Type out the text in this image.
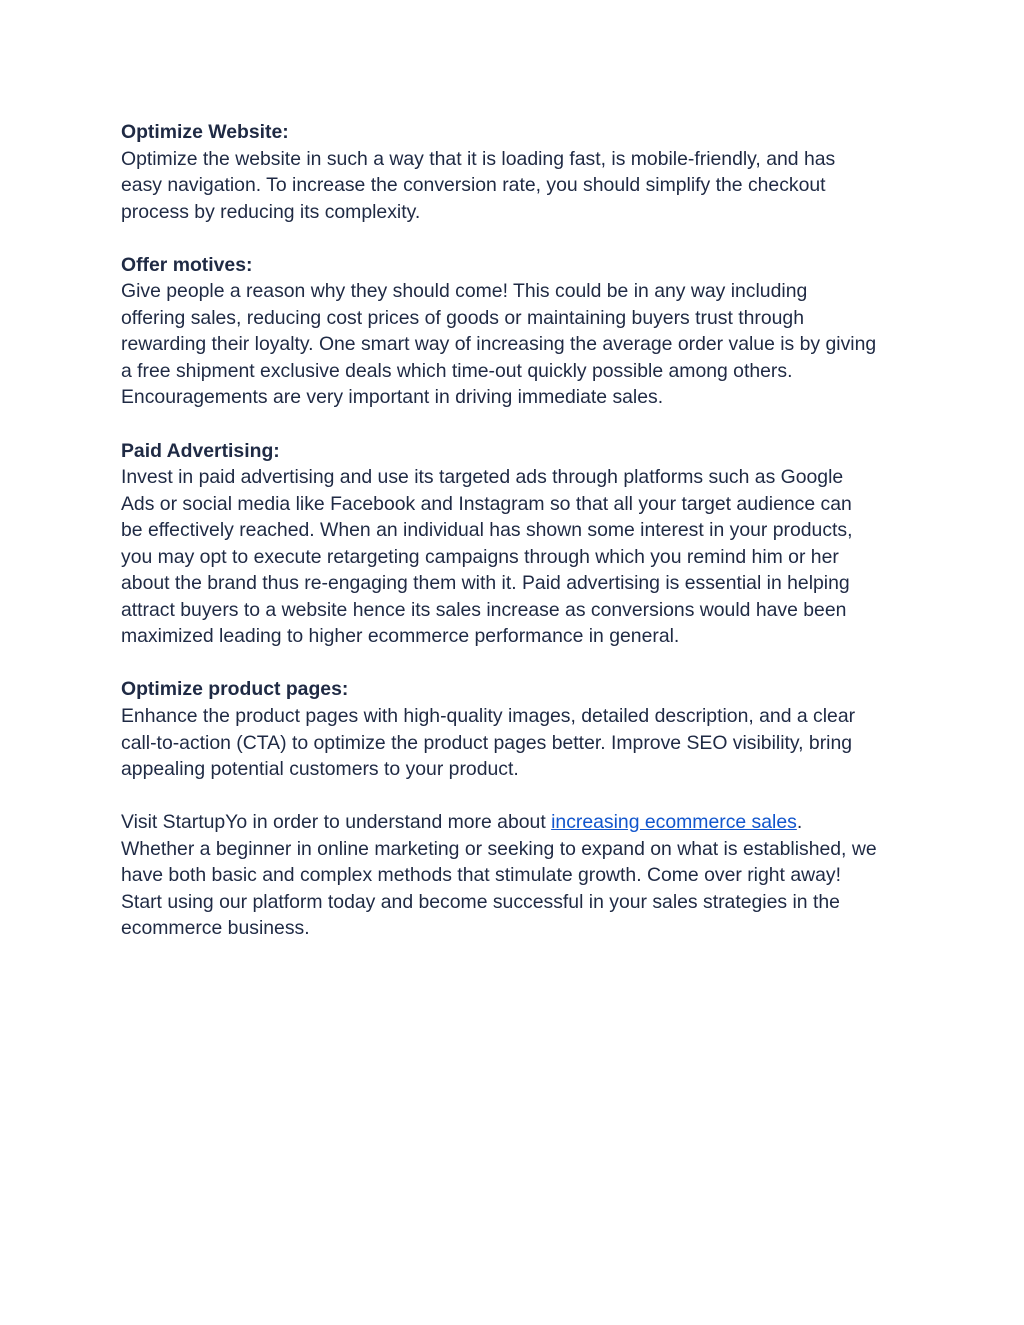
Optimize Website:
Optimize the website in such a way that it is loading fast, is mobile-friendly, and has
easy navigation. To increase the conversion rate, you should simplify the checkout
process by reducing its complexity.
Offer motives:
Give people a reason why they should come! This could be in any way including
offering sales, reducing cost prices of goods or maintaining buyers trust through
rewarding their loyalty. One smart way of increasing the average order value is by giving
a free shipment exclusive deals which time-out quickly possible among others.
Encouragements are very important in driving immediate sales.
Paid Advertising:
Invest in paid advertising and use its targeted ads through platforms such as Google
Ads or social media like Facebook and Instagram so that all your target audience can
be effectively reached. When an individual has shown some interest in your products,
you may opt to execute retargeting campaigns through which you remind him or her
about the brand thus re-engaging them with it. Paid advertising is essential in helping
attract buyers to a website hence its sales increase as conversions would have been
maximized leading to higher ecommerce performance in general.
Optimize product pages:
Enhance the product pages with high-quality images, detailed description, and a clear
call-to-action (CTA) to optimize the product pages better. Improve SEO visibility, bring
appealing potential customers to your product.
Visit StartupYo in order to understand more about increasing ecommerce sales.
Whether a beginner in online marketing or seeking to expand on what is established, we
have both basic and complex methods that stimulate growth. Come over right away!
Start using our platform today and become successful in your sales strategies in the
ecommerce business.
